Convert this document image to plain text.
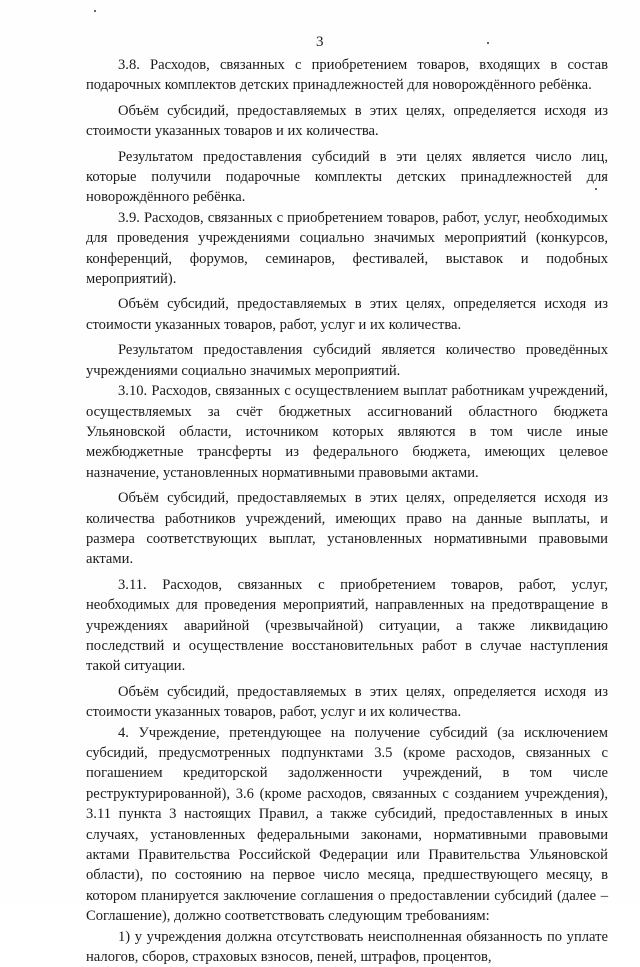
3

3.8. Расходов, связанных с приобретением товаров, входящих в состав подарочных комплектов детских принадлежностей для новорождённого ребёнка.

Объём субсидий, предоставляемых в этих целях, определяется исходя из стоимости указанных товаров и их количества.

Результатом предоставления субсидий в эти целях является число лиц, которые получили подарочные комплекты детских принадлежностей для новорождённого ребёнка.

3.9. Расходов, связанных с приобретением товаров, работ, услуг, необходимых для проведения учреждениями социально значимых мероприятий (конкурсов, конференций, форумов, семинаров, фестивалей, выставок и подобных мероприятий).

Объём субсидий, предоставляемых в этих целях, определяется исходя из стоимости указанных товаров, работ, услуг и их количества.

Результатом предоставления субсидий является количество проведённых учреждениями социально значимых мероприятий.

3.10. Расходов, связанных с осуществлением выплат работникам учреждений, осуществляемых за счёт бюджетных ассигнований областного бюджета Ульяновской области, источником которых являются в том числе иные межбюджетные трансферты из федерального бюджета, имеющих целевое назначение, установленных нормативными правовыми актами.

Объём субсидий, предоставляемых в этих целях, определяется исходя из количества работников учреждений, имеющих право на данные выплаты, и размера соответствующих выплат, установленных нормативными правовыми актами.

3.11. Расходов, связанных с приобретением товаров, работ, услуг, необходимых для проведения мероприятий, направленных на предотвращение в учреждениях аварийной (чрезвычайной) ситуации, а также ликвидацию последствий и осуществление восстановительных работ в случае наступления такой ситуации.

Объём субсидий, предоставляемых в этих целях, определяется исходя из стоимости указанных товаров, работ, услуг и их количества.

4. Учреждение, претендующее на получение субсидий (за исключением субсидий, предусмотренных подпунктами 3.5 (кроме расходов, связанных с погашением кредиторской задолженности учреждений, в том числе реструктурированной), 3.6 (кроме расходов, связанных с созданием учреждения), 3.11 пункта 3 настоящих Правил, а также субсидий, предоставленных в иных случаях, установленных федеральными законами, нормативными правовыми актами Правительства Российской Федерации или Правительства Ульяновской области), по состоянию на первое число месяца, предшествующего месяцу, в котором планируется заключение соглашения о предоставлении субсидий (далее – Соглашение), должно соответствовать следующим требованиям:

1) у учреждения должна отсутствовать неисполненная обязанность по уплате налогов, сборов, страховых взносов, пеней, штрафов, процентов,
